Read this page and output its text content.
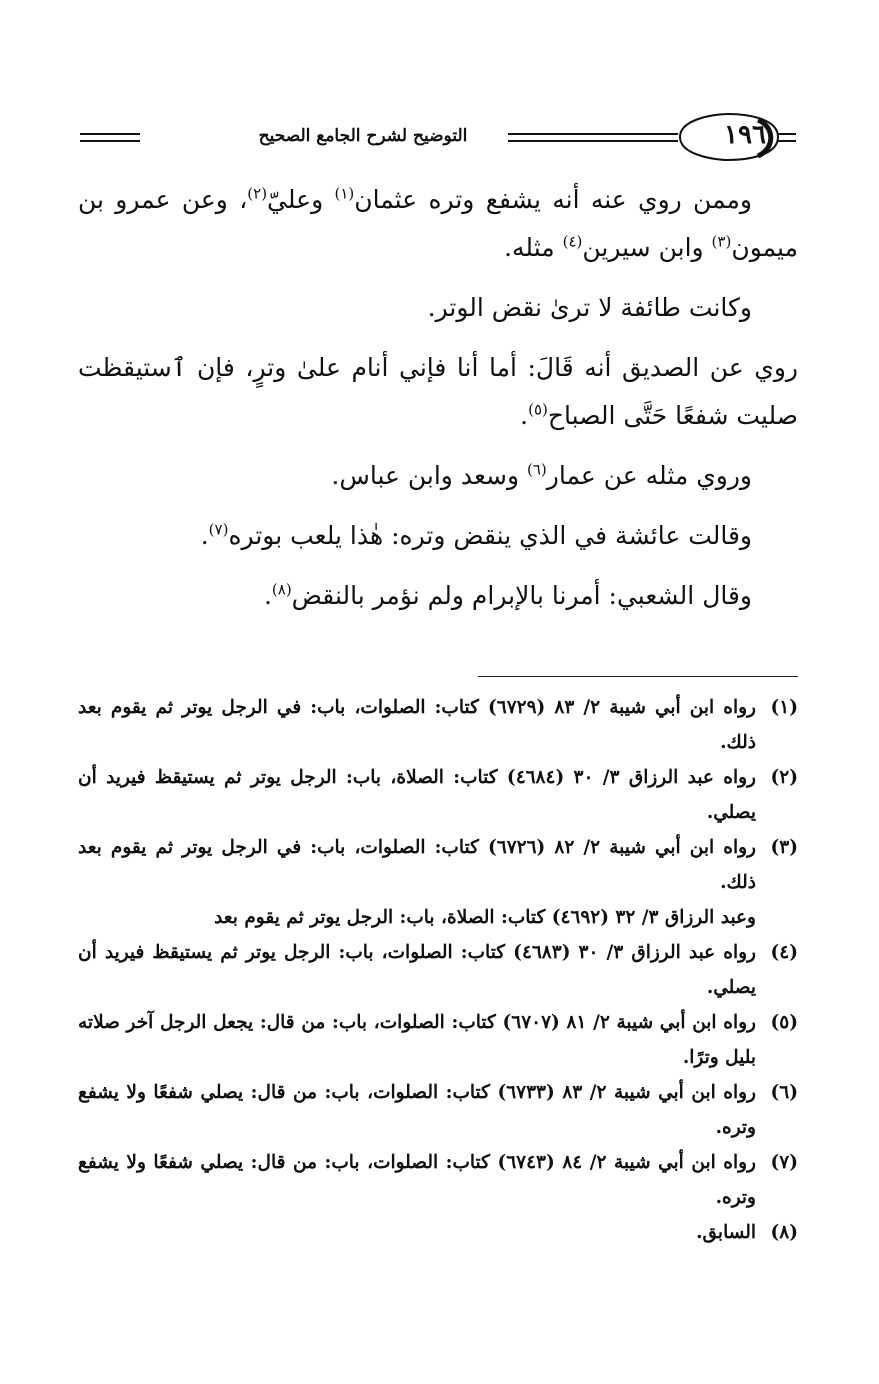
١٩٦
التوضيح لشرح الجامع الصحيح

وممن روي عنه أنه يشفع وتره عثمان$^{(١)}$ وعليّ$^{(٢)}$، وعن عمرو بن ميمون$^{(٣)}$ وابن سيرين$^{(٤)}$ مثله.

وكانت طائفة لا ترىٰ نقض الوتر.

روي عن الصديق أنه قَالَ: أما أنا فإني أنام علىٰ وترٍ، فإن ٱستيقظت صليت شفعًا حَتَّى الصباح$^{(٥)}$.

وروي مثله عن عمار$^{(٦)}$ وسعد وابن عباس.

وقالت عائشة في الذي ينقض وتره: هٰذا يلعب بوتره$^{(٧)}$.

وقال الشعبي: أمرنا بالإبرام ولم نؤمر بالنقض$^{(٨)}$.

(١)
رواه ابن أبي شيبة ٢/ ٨٣ (٦٧٢٩) كتاب: الصلوات، باب: في الرجل يوتر ثم يقوم بعد ذلك.
(٢)
رواه عبد الرزاق ٣/ ٣٠ (٤٦٨٤) كتاب: الصلاة، باب: الرجل يوتر ثم يستيقظ فيريد أن يصلي.
(٣)
رواه ابن أبي شيبة ٢/ ٨٢ (٦٧٢٦) كتاب: الصلوات، باب: في الرجل يوتر ثم يقوم بعد ذلك.
وعبد الرزاق ٣/ ٣٢ (٤٦٩٢) كتاب: الصلاة، باب: الرجل يوتر ثم يقوم بعد
(٤)
رواه عبد الرزاق ٣/ ٣٠ (٤٦٨٣) كتاب: الصلوات، باب: الرجل يوتر ثم يستيقظ فيريد أن يصلي.
(٥)
رواه ابن أبي شيبة ٢/ ٨١ (٦٧٠٧) كتاب: الصلوات، باب: من قال: يجعل الرجل آخر صلاته بليل وترًا.
(٦)
رواه ابن أبي شيبة ٢/ ٨٣ (٦٧٣٣) كتاب: الصلوات، باب: من قال: يصلي شفعًا ولا يشفع وتره.
(٧)
رواه ابن أبي شيبة ٢/ ٨٤ (٦٧٤٣) كتاب: الصلوات، باب: من قال: يصلي شفعًا ولا يشفع وتره.
(٨)
السابق.
